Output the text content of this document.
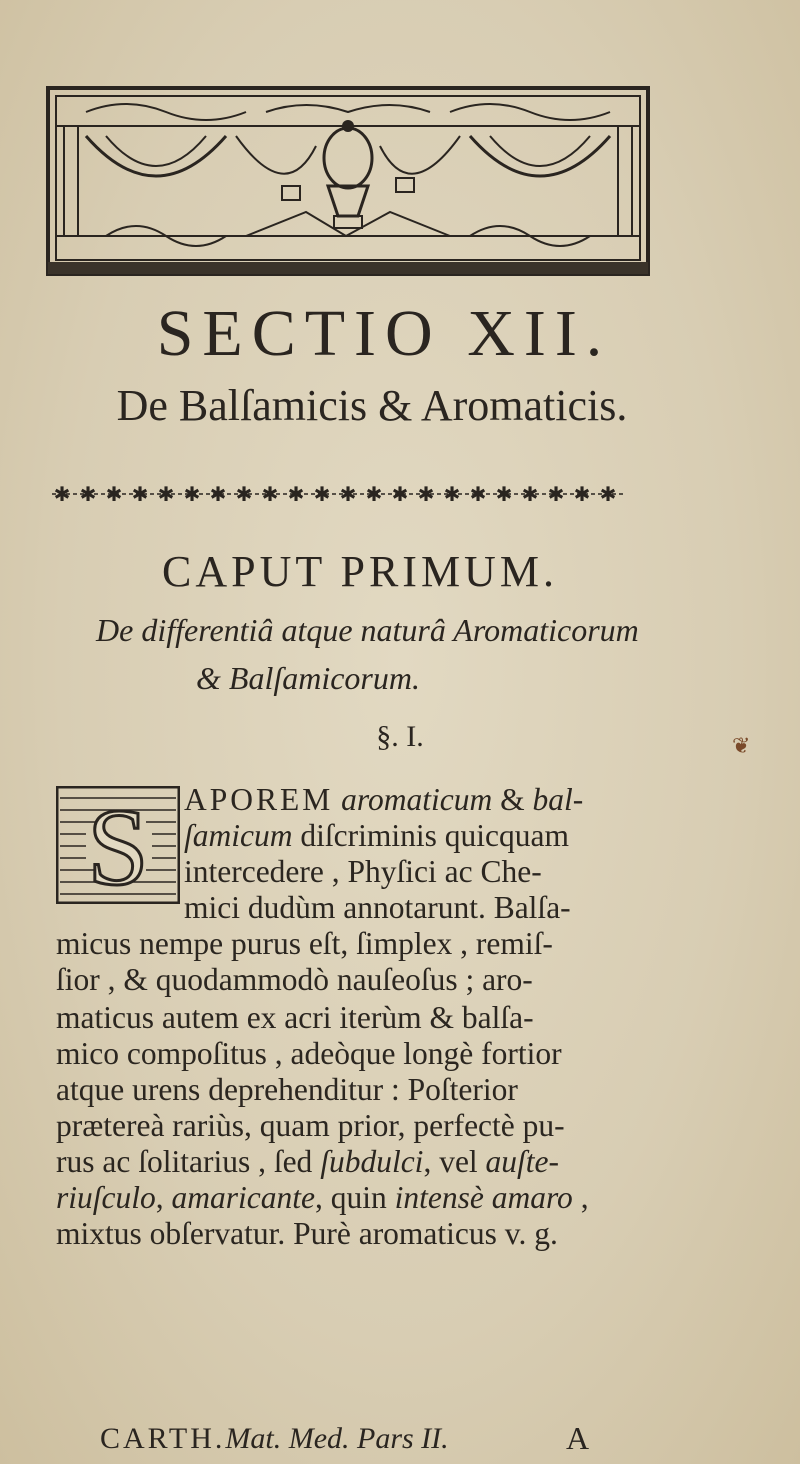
SECTIO XII.
De Balſamicis & Aromaticis.
✱ ✱ ✱ ✱ ✱ ✱ ✱ ✱ ✱ ✱ ✱ ✱ ✱ ✱ ✱ ✱ ✱ ✱ ✱ ✱ ✱ ✱
CAPUT PRIMUM.
De differentiâ atque naturâ Aromaticorum
& Balſamicorum.
§. I.	❦
S APOREM aromaticum & bal-
ſamicum diſcriminis quicquam
intercedere , Phyſici ac Che-
mici dudùm annotarunt. Balſa-
micus nempe purus eſt, ſimplex , remiſ-
ſior , & quodammodò nauſeoſus ; aro-
maticus autem ex acri iterùm & balſa-
mico compoſitus , adeòque longè fortior
atque urens deprehenditur : Poſterior
prætereà rariùs, quam prior, perfectè pu-
rus ac ſolitarius , ſed ſubdulci, vel auſte-
riuſculo, amaricante, quin intensè amaro ,
mixtus obſervatur. Purè aromaticus v. g.
CARTH.Mat. Med. Pars II.	A
